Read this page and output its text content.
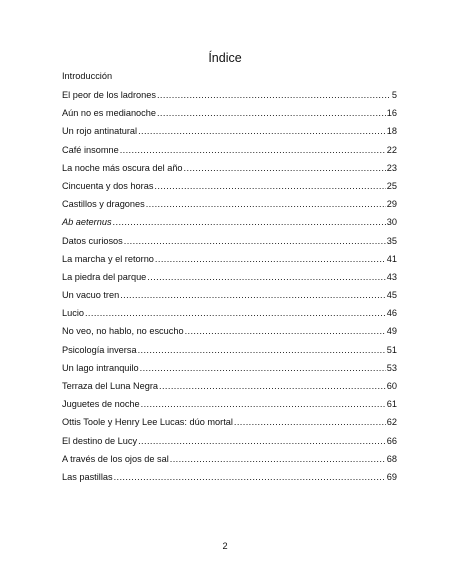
Índice
Introducción
El peor de los ladrones .....	5
Aún no es medianoche .....	16
Un rojo antinatural .....	18
Café insomne .....	22
La noche más oscura del año .....	23
Cincuenta y dos horas .....	25
Castillos y dragones .....	29
Ab aeternus .....	30
Datos curiosos .....	35
La marcha y el retorno .....	41
La piedra del parque .....	43
Un vacuo tren .....	45
Lucio .....	46
No veo, no hablo, no escucho .....	49
Psicología inversa .....	51
Un lago intranquilo .....	53
Terraza del Luna Negra .....	60
Juguetes de noche .....	61
Ottis Toole y Henry Lee Lucas: dúo mortal .....	62
El destino de Lucy .....	66
A través de los ojos de sal .....	68
Las pastillas .....	69
2
